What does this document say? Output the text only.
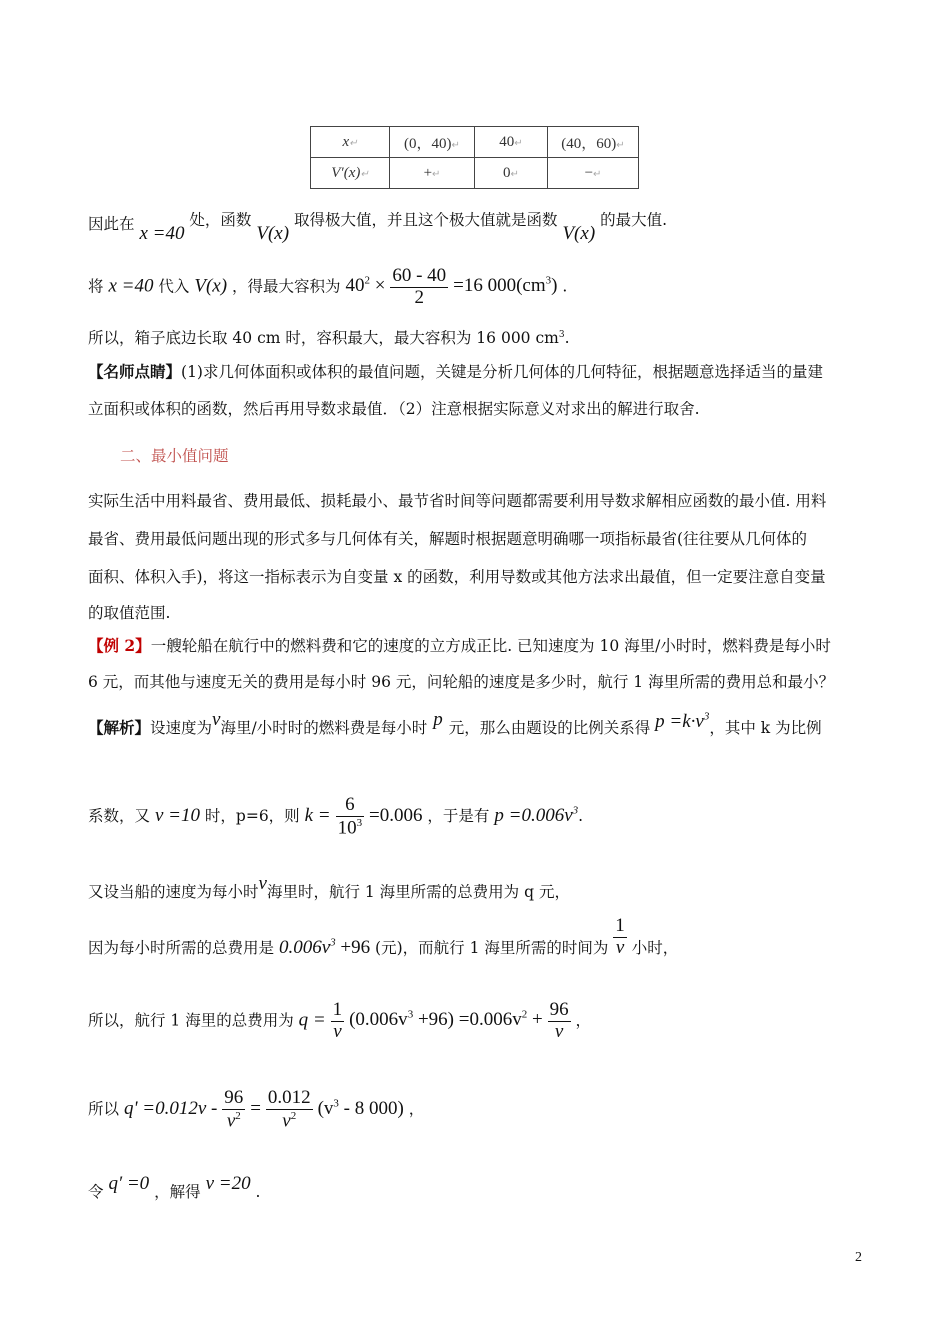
x↵	(0，40)↵	40↵	(40，60)↵
V′(x)↵	+↵	0↵	−↵
因此在 x =40 处，函数 V(x) 取得极大值，并且这个极大值就是函数 V(x) 的最大值.
将 x =40 代入 V(x) ，得最大容积为 $40^2 \times \frac{60 - 40}{2} =16$ $000(cm^3)$ .
所以，箱子底边长取 40 cm 时，容积最大，最大容积为 16 000 $cm^3$.
【名师点睛】(1)求几何体面积或体积的最值问题，关键是分析几何体的几何特征，根据题意选择适当的量建
立面积或体积的函数，然后再用导数求最值．（2）注意根据实际意义对求出的解进行取舍.
二、最小值问题
实际生活中用料最省、费用最低、损耗最小、最节省时间等问题都需要利用导数求解相应函数的最小值. 用料
最省、费用最低问题出现的形式多与几何体有关，解题时根据题意明确哪一项指标最省(往往要从几何体的
面积、体积入手)，将这一指标表示为自变量 x 的函数，利用导数或其他方法求出最值，但一定要注意自变量
的取值范围.
【例 2】一艘轮船在航行中的燃料费和它的速度的立方成正比. 已知速度为 10 海里/小时时，燃料费是每小时
6 元，而其他与速度无关的费用是每小时 96 元，问轮船的速度是多少时，航行 1 海里所需的费用总和最小？
【解析】设速度为v海里/小时时的燃料费是每小时 p 元，那么由题设的比例关系得 $p =k\cdot v^3$，其中 k 为比例
系数，又 v =10 时，p=6，则 $k = \frac{6}{10^3} =0.006$ ，于是有 $p =0.006v^3$.
又设当船的速度为每小时v海里时，航行 1 海里所需的总费用为 q 元，
因为每小时所需的总费用是 $0.006v^3 +96$ (元)，而航行 1 海里所需的时间为 $\frac{1}{v}$ 小时，
所以，航行 1 海里的总费用为 $q = \frac{1}{v} (0.006v^3 +96) =0.006v^2 + \frac{96}{v}$ ，
所以 $q' =0.012v - \frac{96}{v^2} = \frac{0.012}{v^2} (v^3 - 8$ 000) ，
令 q′ =0 ，解得 v =20 .
2
